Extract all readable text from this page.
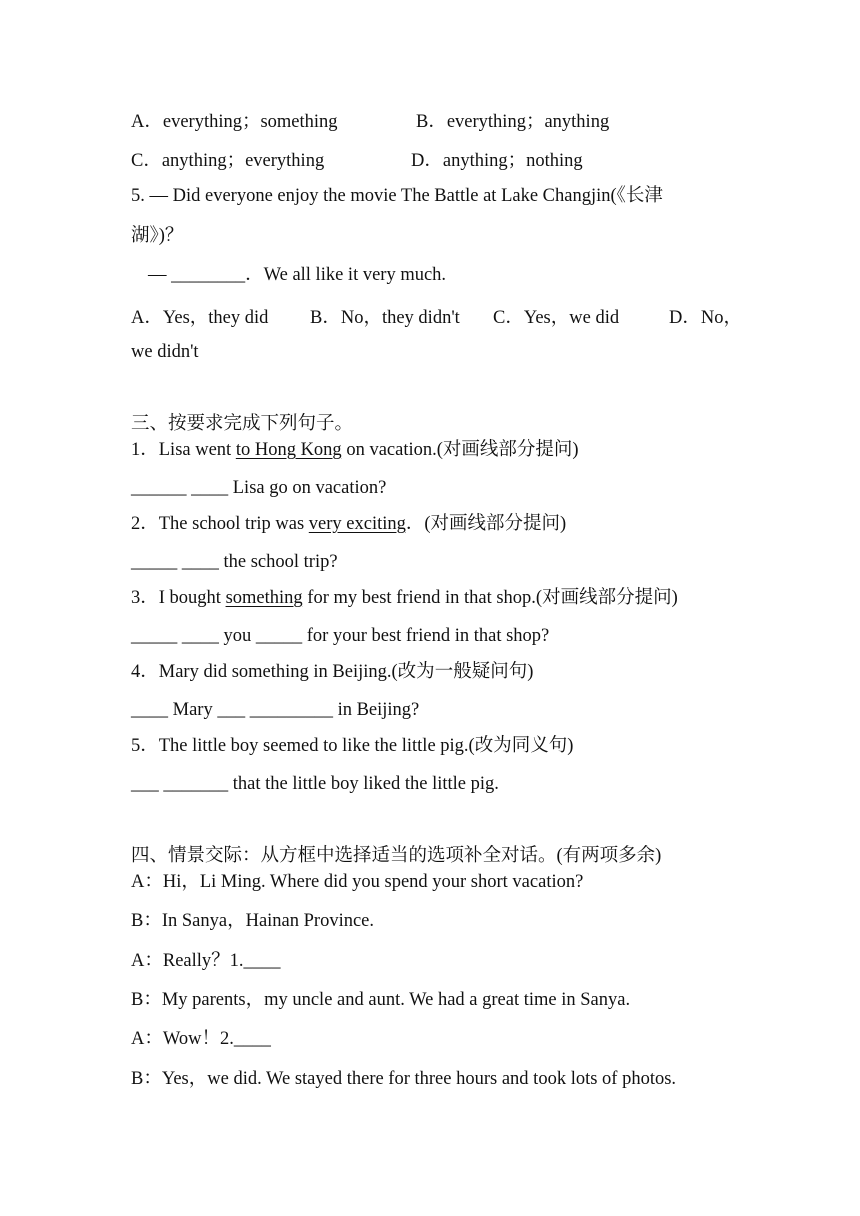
A．everything；something	B．everything；anything
C．anything；everything	D．anything；nothing
5. — Did everyone enjoy the movie The Battle at Lake Changjin(《长津
湖》)？
— ________．We all like it very much.
A．Yes，they did B．No，they didn't C．Yes，we did	D．No，
we didn't
三、按要求完成下列句子。
1．Lisa went to Hong Kong on vacation.(对画线部分提问)
______ ____ Lisa go on vacation?
2．The school trip was very exciting．(对画线部分提问)
_____ ____ the school trip?
3．I bought something for my best friend in that shop.(对画线部分提问)
_____ ____ you _____ for your best friend in that shop?
4．Mary did something in Beijing.(改为一般疑问句)
____ Mary ___ _________ in Beijing?
5．The little boy seemed to like the little pig.(改为同义句)
___ _______ that the little boy liked the little pig.
四、情景交际：从方框中选择适当的选项补全对话。(有两项多余)
A：Hi，Li Ming. Where did you spend your short vacation?
B：In Sanya，Hainan Province.
A：Really？1.____
B：My parents，my uncle and aunt. We had a great time in Sanya.
A：Wow！2.____
B：Yes，we did. We stayed there for three hours and took lots of photos.
